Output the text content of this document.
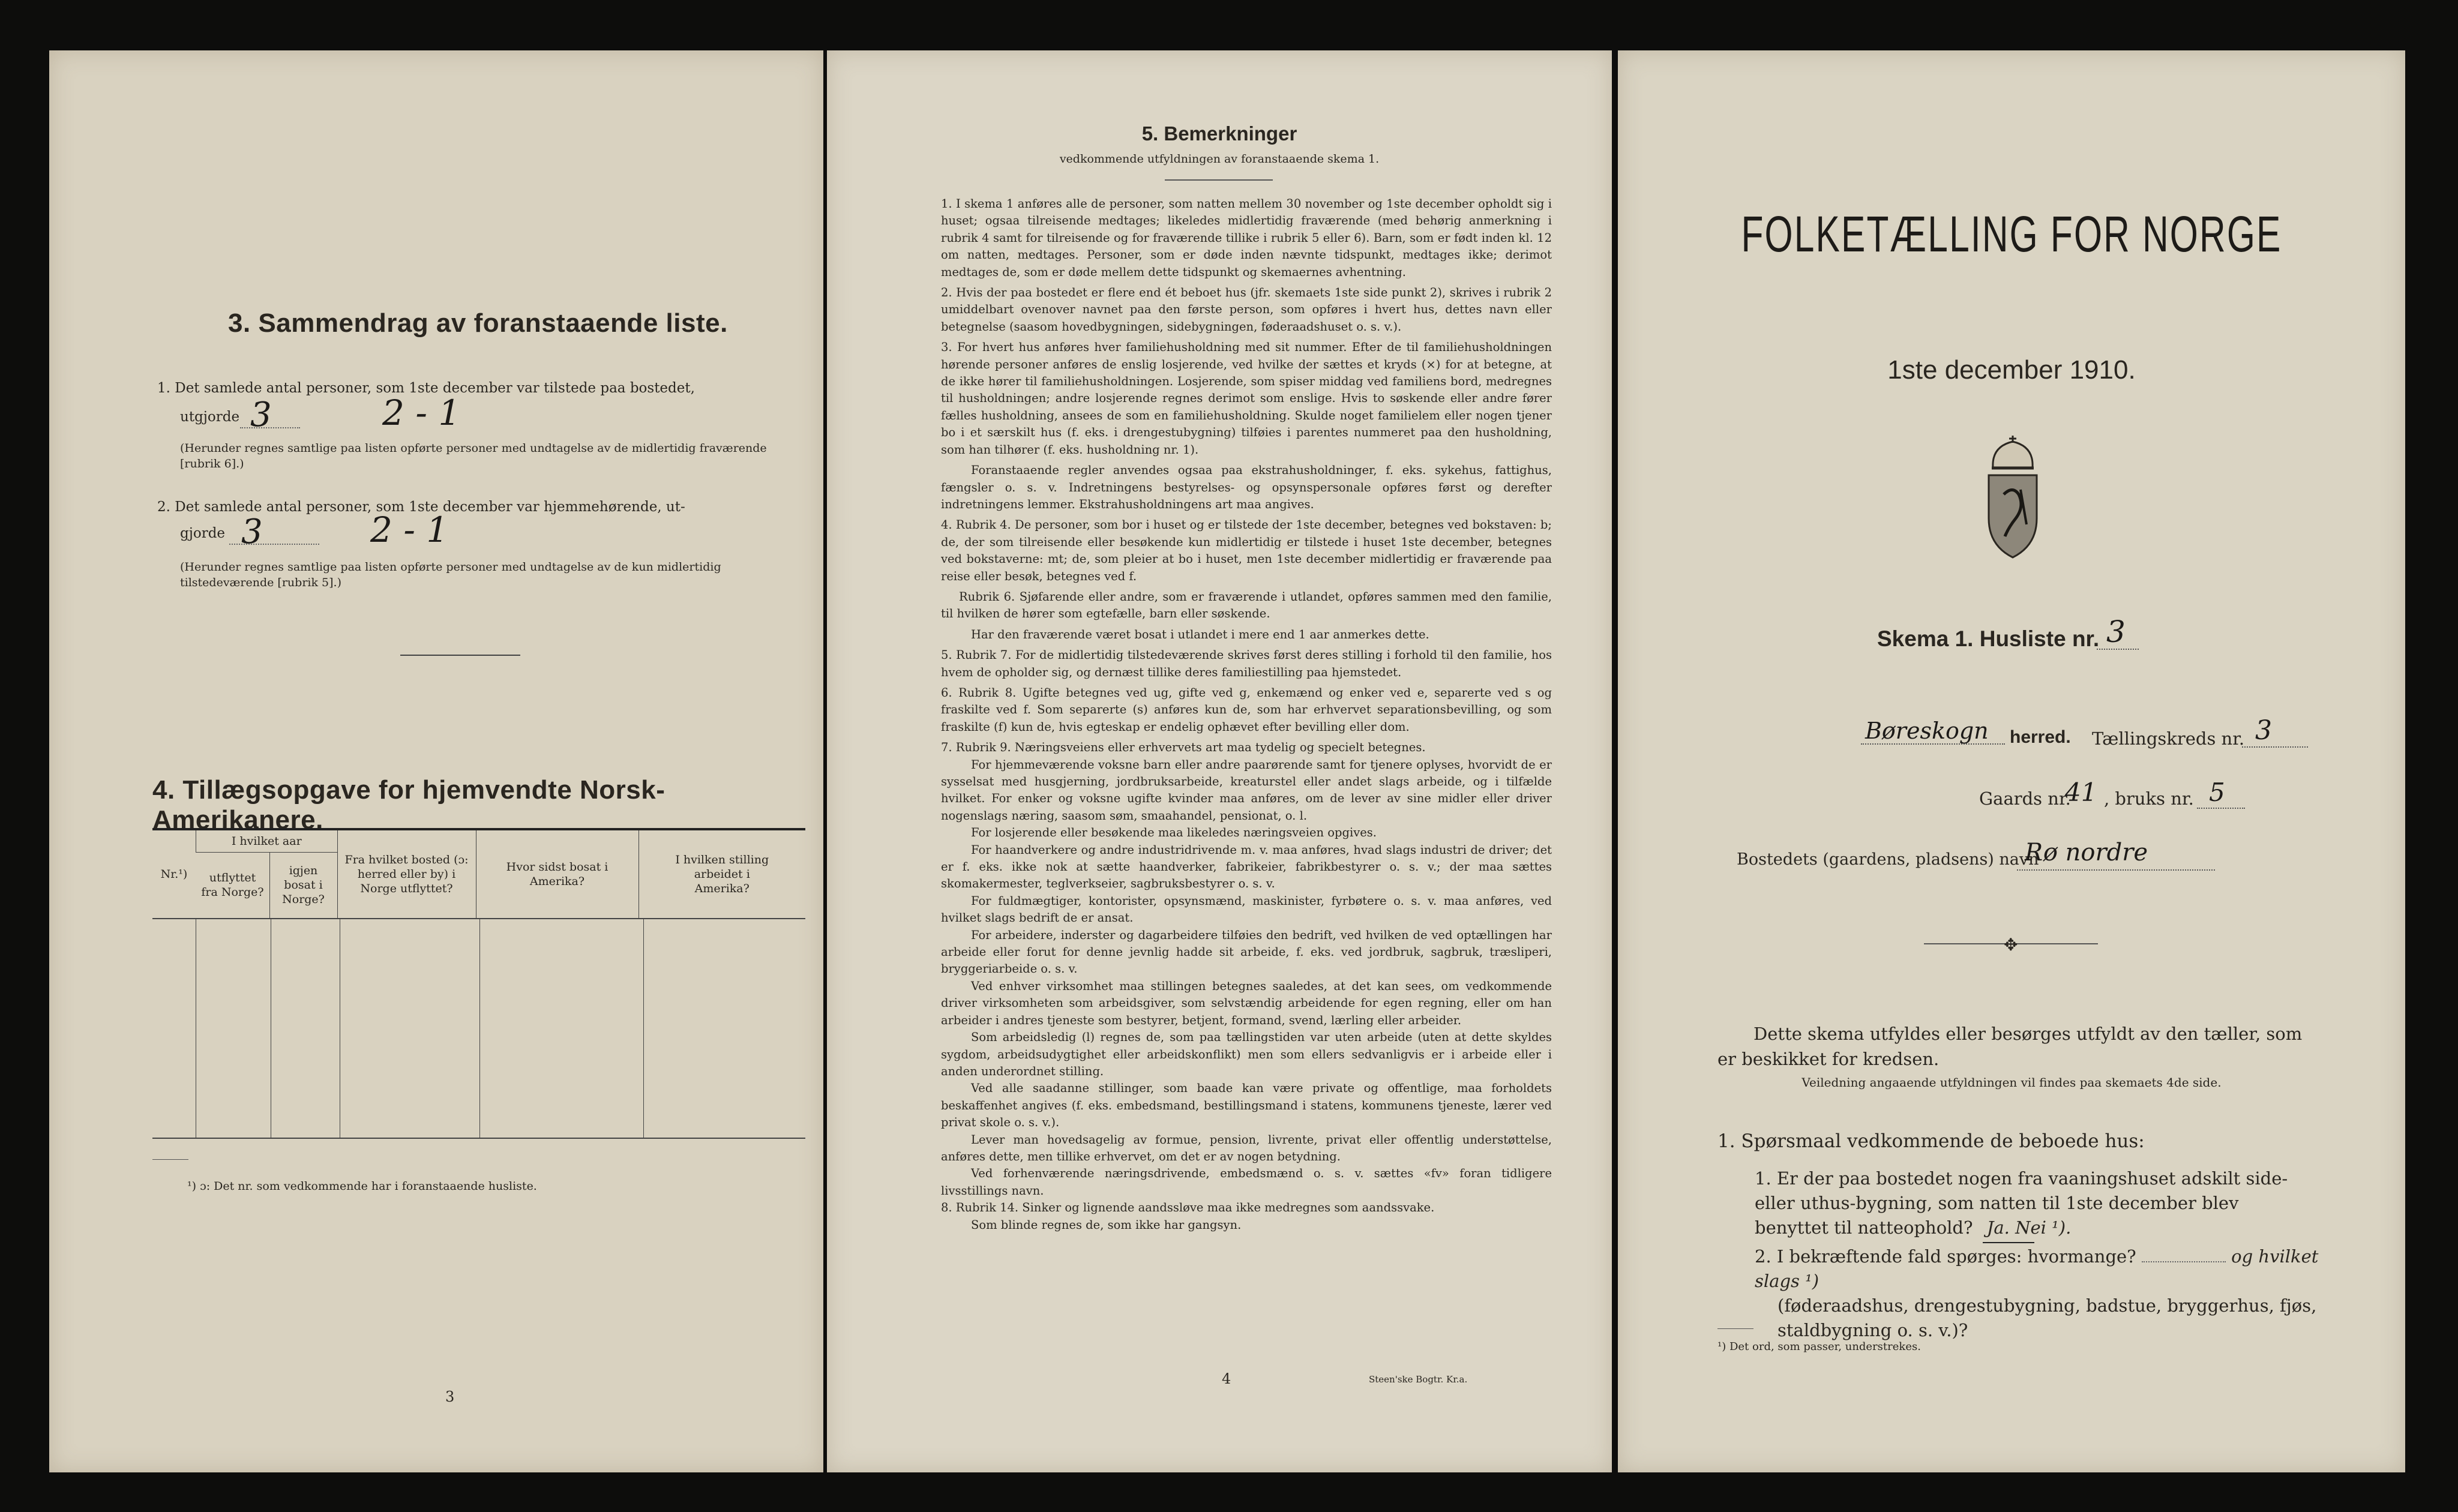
3. Sammendrag av foranstaaende liste.
1. Det samlede antal personer, som 1ste december var tilstede paa bostedet,
utgjorde 3	2 - 1
(Herunder regnes samtlige paa listen opførte personer med undtagelse av de midlertidig fraværende [rubrik 6].)
2. Det samlede antal personer, som 1ste december var hjemmehørende, ut-
gjorde 3	2 - 1
(Herunder regnes samtlige paa listen opførte personer med undtagelse av de kun midlertidig tilstedeværende [rubrik 5].)
4. Tillægsopgave for hjemvendte Norsk-Amerikanere.
Nr.¹)	I hvilket aar		Fra hvilket bosted (ɔ: herred eller by) i Norge utflyttet?	Hvor sidst bosat i Amerika?	I hvilken stilling arbeidet i Amerika?
	utflyttet fra Norge?	igjen bosat i Norge?			

¹) ɔ: Det nr. som vedkommende har i foranstaaende husliste.
3
5. Bemerkninger
vedkommende utfyldningen av foranstaaende skema 1.

1. I skema 1 anføres alle de personer, som natten mellem 30 november og 1ste december opholdt sig i huset; ogsaa tilreisende medtages; likeledes midlertidig fraværende (med behørig anmerkning i rubrik 4 samt for tilreisende og for fraværende tillike i rubrik 5 eller 6). Barn, som er født inden kl. 12 om natten, medtages. Personer, som er døde inden nævnte tidspunkt, medtages ikke; derimot medtages de, som er døde mellem dette tidspunkt og skemaernes avhentning.

2. Hvis der paa bostedet er flere end ét beboet hus (jfr. skemaets 1ste side punkt 2), skrives i rubrik 2 umiddelbart ovenover navnet paa den første person, som opføres i hvert hus, dettes navn eller betegnelse (saasom hovedbygningen, sidebygningen, føderaadshuset o. s. v.).

3. For hvert hus anføres hver familiehusholdning med sit nummer. Efter de til familiehusholdningen hørende personer anføres de enslig losjerende, ved hvilke der sættes et kryds (×) for at betegne, at de ikke hører til familiehusholdningen. Losjerende, som spiser middag ved familiens bord, medregnes til husholdningen; andre losjerende regnes derimot som enslige. Hvis to søskende eller andre fører fælles husholdning, ansees de som en familiehusholdning. Skulde noget familielem eller nogen tjener bo i et særskilt hus (f. eks. i drengestubygning) tilføies i parentes nummeret paa den husholdning, som han tilhører (f. eks. husholdning nr. 1).

Foranstaaende regler anvendes ogsaa paa ekstrahusholdninger, f. eks. sykehus, fattighus, fængsler o. s. v. Indretningens bestyrelses- og opsynspersonale opføres først og derefter indretningens lemmer. Ekstrahusholdningens art maa angives.

4. Rubrik 4. De personer, som bor i huset og er tilstede der 1ste december, betegnes ved bokstaven: b; de, der som tilreisende eller besøkende kun midlertidig er tilstede i huset 1ste december, betegnes ved bokstaverne: mt; de, som pleier at bo i huset, men 1ste december midlertidig er fraværende paa reise eller besøk, betegnes ved f.

Rubrik 6. Sjøfarende eller andre, som er fraværende i utlandet, opføres sammen med den familie, til hvilken de hører som egtefælle, barn eller søskende.

Har den fraværende været bosat i utlandet i mere end 1 aar anmerkes dette.

5. Rubrik 7. For de midlertidig tilstedeværende skrives først deres stilling i forhold til den familie, hos hvem de opholder sig, og dernæst tillike deres familiestilling paa hjemstedet.

6. Rubrik 8. Ugifte betegnes ved ug, gifte ved g, enkemænd og enker ved e, separerte ved s og fraskilte ved f. Som separerte (s) anføres kun de, som har erhvervet separationsbevilling, og som fraskilte (f) kun de, hvis egteskap er endelig ophævet efter bevilling eller dom.

7. Rubrik 9. Næringsveiens eller erhvervets art maa tydelig og specielt betegnes.

For hjemmeværende voksne barn eller andre paarørende samt for tjenere oplyses, hvorvidt de er sysselsat med husgjerning, jordbruksarbeide, kreaturstel eller andet slags arbeide, og i tilfælde hvilket. For enker og voksne ugifte kvinder maa anføres, om de lever av sine midler eller driver nogenslags næring, saasom søm, smaahandel, pensionat, o. l.

For losjerende eller besøkende maa likeledes næringsveien opgives.

For haandverkere og andre industridrivende m. v. maa anføres, hvad slags industri de driver; det er f. eks. ikke nok at sætte haandverker, fabrikeier, fabrikbestyrer o. s. v.; der maa sættes skomakermester, teglverkseier, sagbruksbestyrer o. s. v.

For fuldmægtiger, kontorister, opsynsmænd, maskinister, fyrbøtere o. s. v. maa anføres, ved hvilket slags bedrift de er ansat.

For arbeidere, inderster og dagarbeidere tilføies den bedrift, ved hvilken de ved optællingen har arbeide eller forut for denne jevnlig hadde sit arbeide, f. eks. ved jordbruk, sagbruk, træsliperi, bryggeriarbeide o. s. v.

Ved enhver virksomhet maa stillingen betegnes saaledes, at det kan sees, om vedkommende driver virksomheten som arbeidsgiver, som selvstændig arbeidende for egen regning, eller om han arbeider i andres tjeneste som bestyrer, betjent, formand, svend, lærling eller arbeider.

Som arbeidsledig (l) regnes de, som paa tællingstiden var uten arbeide (uten at dette skyldes sygdom, arbeidsudygtighet eller arbeidskonflikt) men som ellers sedvanligvis er i arbeide eller i anden underordnet stilling.

Ved alle saadanne stillinger, som baade kan være private og offentlige, maa forholdets beskaffenhet angives (f. eks. embedsmand, bestillingsmand i statens, kommunens tjeneste, lærer ved privat skole o. s. v.).

Lever man hovedsagelig av formue, pension, livrente, privat eller offentlig understøttelse, anføres dette, men tillike erhvervet, om det er av nogen betydning.

Ved forhenværende næringsdrivende, embedsmænd o. s. v. sættes «fv» foran tidligere livsstillings navn.

8. Rubrik 14. Sinker og lignende aandssløve maa ikke medregnes som aandssvake.

Som blinde regnes de, som ikke har gangsyn.

4	Steen'ske Bogtr. Kr.a.
FOLKETÆLLING FOR NORGE
1ste december 1910.
Skema 1. Husliste nr. 3
Børeskogn herred. Tællingskreds nr. 3
Gaards nr.
41 , bruks nr. 5
Bostedets (gaardens, pladsens) navn
Rø nordre
✥
Dette skema utfyldes eller besørges utfyldt av den tæller, som er beskikket for kredsen.
Veiledning angaaende utfyldningen vil findes paa skemaets 4de side.
1. Spørsmaal vedkommende de beboede hus:
1. Er der paa bostedet nogen fra vaaningshuset adskilt side- eller uthus-bygning, som natten til 1ste december blev benyttet til natteophold? Ja. Nei ¹).
2. I bekræftende fald spørges: hvormange?	og hvilket slags ¹)
(føderaadshus, drengestubygning, badstue, bryggerhus, fjøs, staldbygning o. s. v.)?
¹) Det ord, som passer, understrekes.
